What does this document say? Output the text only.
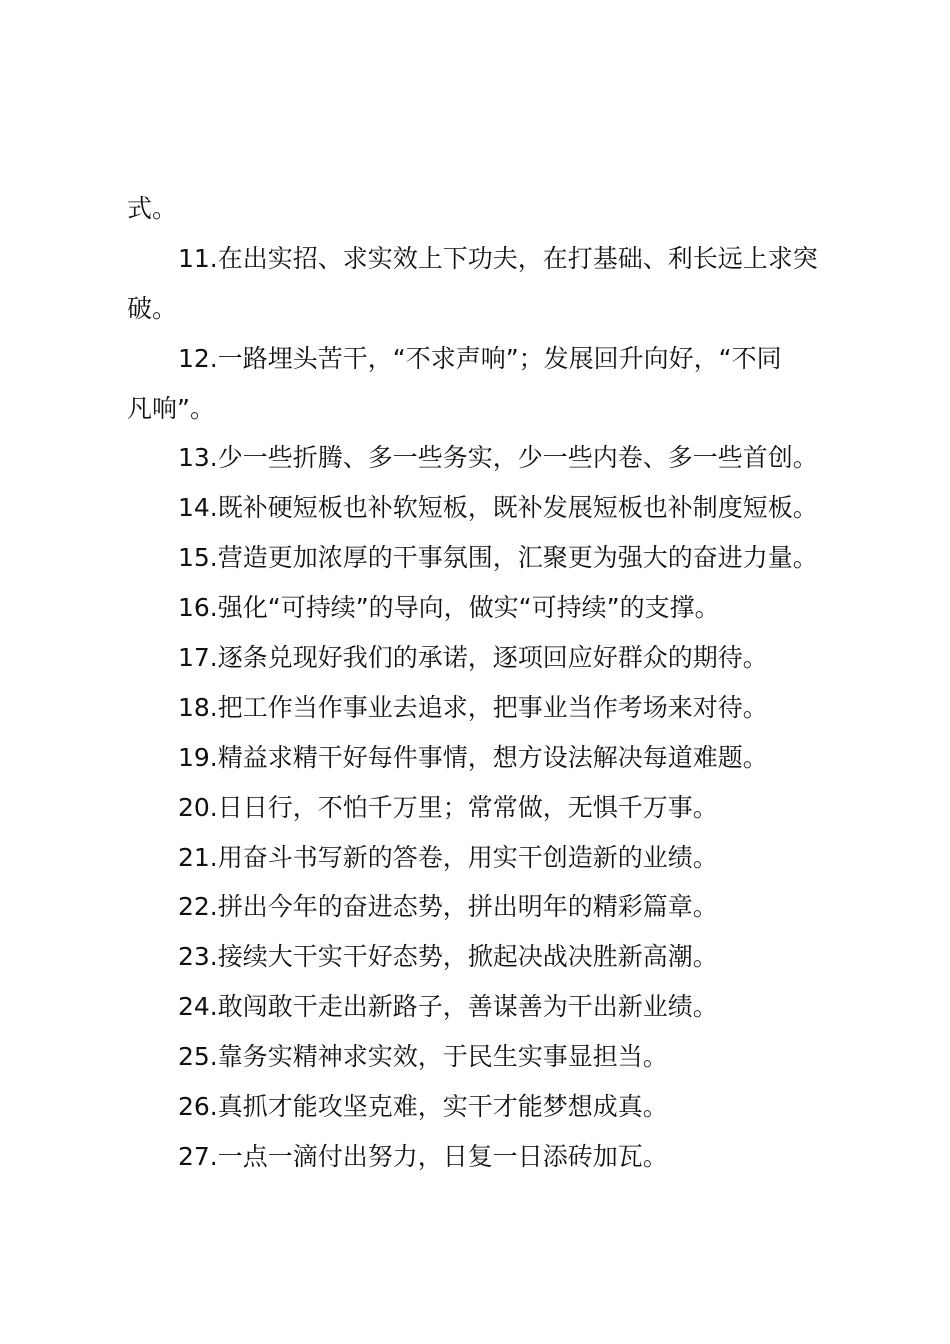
式。
11.在出实招、求实效上下功夫，在打基础、利长远上求突
破。
12.一路埋头苦干，“不求声响”；发展回升向好，“不同
凡响”。
13.少一些折腾、多一些务实，少一些内卷、多一些首创。
14.既补硬短板也补软短板，既补发展短板也补制度短板。
15.营造更加浓厚的干事氛围，汇聚更为强大的奋进力量。
16.强化“可持续”的导向，做实“可持续”的支撑。
17.逐条兑现好我们的承诺，逐项回应好群众的期待。
18.把工作当作事业去追求，把事业当作考场来对待。
19.精益求精干好每件事情，想方设法解决每道难题。
20.日日行，不怕千万里；常常做，无惧千万事。
21.用奋斗书写新的答卷，用实干创造新的业绩。
22.拼出今年的奋进态势，拼出明年的精彩篇章。
23.接续大干实干好态势，掀起决战决胜新高潮。
24.敢闯敢干走出新路子，善谋善为干出新业绩。
25.靠务实精神求实效，于民生实事显担当。
26.真抓才能攻坚克难，实干才能梦想成真。
27.一点一滴付出努力，日复一日添砖加瓦。
